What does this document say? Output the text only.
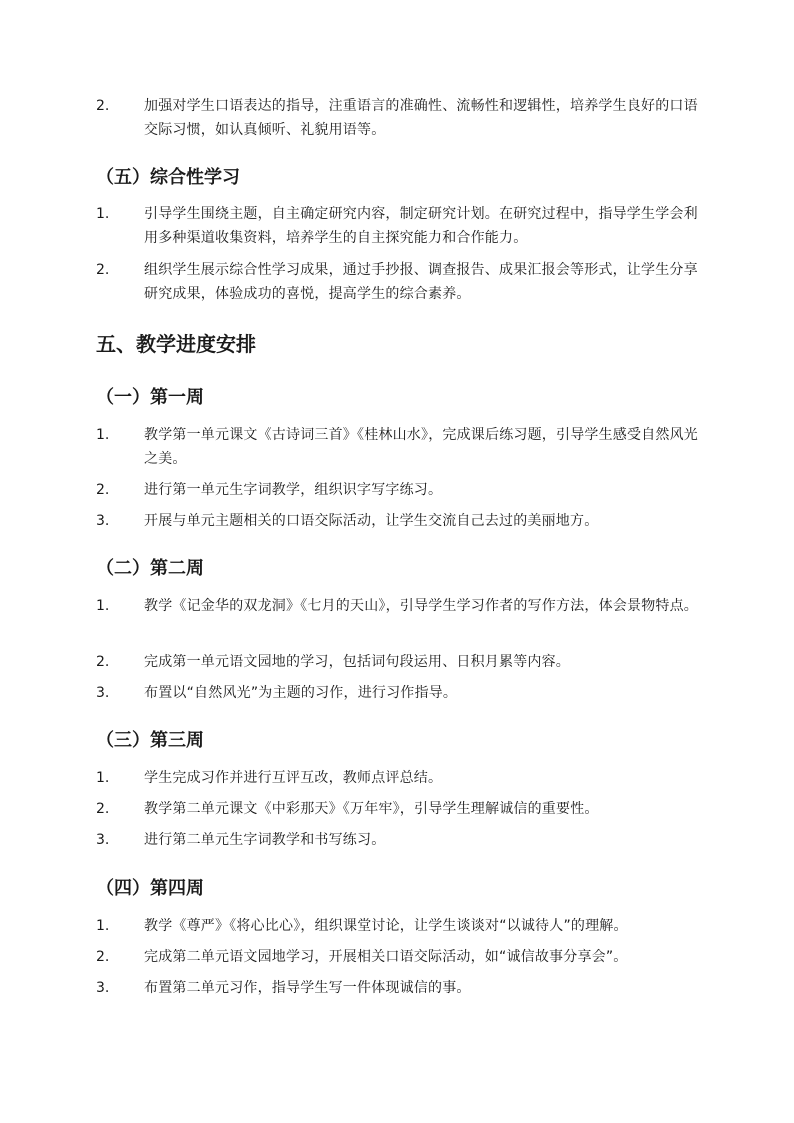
2.	加强对学生口语表达的指导，注重语言的准确性、流畅性和逻辑性，培养学生良好的口语交际习惯，如认真倾听、礼貌用语等。
（五）综合性学习
1.	引导学生围绕主题，自主确定研究内容，制定研究计划。在研究过程中，指导学生学会利用多种渠道收集资料，培养学生的自主探究能力和合作能力。
2.	组织学生展示综合性学习成果，通过手抄报、调查报告、成果汇报会等形式，让学生分享研究成果，体验成功的喜悦，提高学生的综合素养。
五、教学进度安排
（一）第一周
1.	教学第一单元课文《古诗词三首》《桂林山水》，完成课后练习题，引导学生感受自然风光之美。
2.	进行第一单元生字词教学，组织识字写字练习。
3.	开展与单元主题相关的口语交际活动，让学生交流自己去过的美丽地方。
（二）第二周
1.	教学《记金华的双龙洞》《七月的天山》，引导学生学习作者的写作方法，体会景物特点。
2.	完成第一单元语文园地的学习，包括词句段运用、日积月累等内容。
3.	布置以“自然风光”为主题的习作，进行习作指导。
（三）第三周
1.	学生完成习作并进行互评互改，教师点评总结。
2.	教学第二单元课文《中彩那天》《万年牢》，引导学生理解诚信的重要性。
3.	进行第二单元生字词教学和书写练习。
（四）第四周
1.	教学《尊严》《将心比心》，组织课堂讨论，让学生谈谈对“以诚待人”的理解。
2.	完成第二单元语文园地学习，开展相关口语交际活动，如“诚信故事分享会”。
3.	布置第二单元习作，指导学生写一件体现诚信的事。
